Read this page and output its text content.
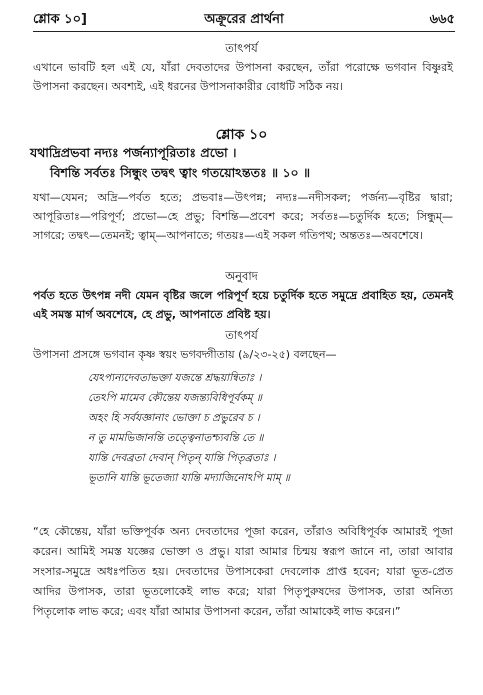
শ্লোক ১০]	অক্রূরের প্রার্থনা	৬৬৫
তাৎপর্য
এখানে ভাবটি হল এই যে, যাঁরা দেবতাদের উপাসনা করছেন, তাঁরা পরোক্ষে ভগবান বিষ্ণুরই উপাসনা করছেন। অবশ্যই, এই ধরনের উপাসনাকারীর বোধটি সঠিক নয়।
শ্লোক ১০
যথাদ্রিপ্রভবা নদ্যঃ পর্জন্যাপূরিতাঃ প্রভো ।
বিশন্তি সর্বতঃ সিন্ধুং তদ্বৎ ত্বাং গতয়োঽন্ততঃ ॥ ১০ ॥
যথা—যেমন; অদ্রি—পর্বত হতে; প্রভবাঃ—উৎপন্ন; নদ্যঃ—নদীসকল; পর্জন্য—বৃষ্টির দ্বারা; আপূরিতাঃ—পরিপূর্ণ; প্রভো—হে প্রভু; বিশন্তি—প্রবেশ করে; সর্বতঃ—চতুর্দিক হতে; সিন্ধুম্—সাগরে; তদ্বৎ—তেমনই; ত্বাম্—আপনাতে; গতয়ঃ—এই সকল গতিপথ; অন্ততঃ—অবশেষে।
অনুবাদ
পর্বত হতে উৎপন্ন নদী যেমন বৃষ্টির জলে পরিপূর্ণ হয়ে চতুর্দিক হতে সমুদ্রে প্রবাহিত হয়, তেমনই এই সমস্ত মার্গ অবশেষে, হে প্রভু, আপনাতে প্রবিষ্ট হয়।
তাৎপর্য
উপাসনা প্রসঙ্গে ভগবান কৃষ্ণ স্বয়ং ভগবদ্গীতায় (৯/২৩-২৫) বলছেন—
যেঽপ্যন্যদেবতাভক্তা যজন্তে শ্রদ্ধয়ান্বিতাঃ ।
তেঽপি মামেব কৌন্তেয় যজন্ত্যবিধিপূর্বকম্ ॥
অহং হি সর্বযজ্ঞানাং ভোক্তা চ প্রভুরেব চ ।
ন তু মামভিজানন্তি তত্ত্বেনাতশ্চ্যবন্তি তে ॥
যান্তি দেবব্রতা দেবান্ পিতৃন্ যান্তি পিতৃব্রতাঃ ।
ভূতানি যান্তি ভূতেজ্যা যান্তি মদ্যাজিনোঽপি মাম্ ॥
“হে কৌন্তেয়, যাঁরা ভক্তিপূর্বক অন্য দেবতাদের পূজা করেন, তাঁরাও অবিধিপূর্বক আমারই পূজা করেন। আমিই সমস্ত যজ্ঞের ভোক্তা ও প্রভু। যারা আমার চিন্ময় স্বরূপ জানে না, তারা আবার সংসার-সমুদ্রে অধঃপতিত হয়। দেবতাদের উপাসকেরা দেবলোক প্রাপ্ত হবেন; যারা ভূত-প্রেত আদির উপাসক, তারা ভূতলোকেই লাভ করে; যারা পিতৃপুরুষদের উপাসক, তারা অনিত্য পিতৃলোক লাভ করে; এবং যাঁরা আমার উপাসনা করেন, তাঁরা আমাকেই লাভ করেন।”
